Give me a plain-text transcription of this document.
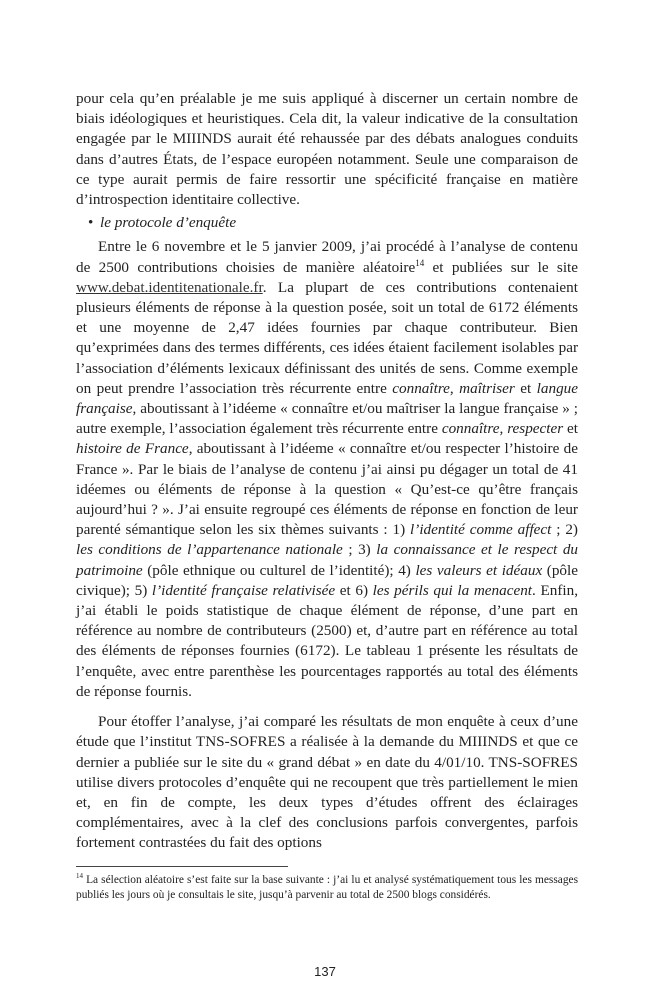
pour cela qu’en préalable je me suis appliqué à discerner un certain nombre de biais idéologiques et heuristiques. Cela dit, la valeur indicative de la consultation engagée par le MIIINDS aurait été rehaussée par des débats analogues conduits dans d’autres États, de l’espace européen notamment. Seule une comparaison de ce type aurait permis de faire ressortir une spécificité française en matière d’introspection identitaire collective.

• le protocole d’enquête

Entre le 6 novembre et le 5 janvier 2009, j’ai procédé à l’analyse de contenu de 2500 contributions choisies de manière aléatoire$^{14}$ et publiées sur le site www.debat.identitenationale.fr. La plupart de ces contributions contenaient plusieurs éléments de réponse à la question posée, soit un total de 6172 éléments et une moyenne de 2,47 idées fournies par chaque contributeur. Bien qu’exprimées dans des termes différents, ces idées étaient facilement isolables par l’association d’éléments lexicaux définissant des unités de sens. Comme exemple on peut prendre l’association très récurrente entre connaître, maîtriser et langue française, aboutissant à l’idéeme « connaître et/ou maîtriser la langue française » ; autre exemple, l’association également très récurrente entre connaître, respecter et histoire de France, aboutissant à l’idéeme « connaître et/ou respecter l’histoire de France ». Par le biais de l’analyse de contenu j’ai ainsi pu dégager un total de 41 idéemes ou éléments de réponse à la question « Qu’est-ce qu’être français aujourd’hui ? ». J’ai ensuite regroupé ces éléments de réponse en fonction de leur parenté sémantique selon les six thèmes suivants : 1) l’identité comme affect ; 2) les conditions de l’appartenance nationale ; 3) la connaissance et le respect du patrimoine (pôle ethnique ou culturel de l’identité); 4) les valeurs et idéaux (pôle civique); 5) l’identité française relativisée et 6) les périls qui la menacent. Enfin, j’ai établi le poids statistique de chaque élément de réponse, d’une part en référence au nombre de contributeurs (2500) et, d’autre part en référence au total des éléments de réponses fournies (6172). Le tableau 1 présente les résultats de l’enquête, avec entre parenthèse les pourcentages rapportés au total des éléments de réponse fournis.

Pour étoffer l’analyse, j’ai comparé les résultats de mon enquête à ceux d’une étude que l’institut TNS-SOFRES a réalisée à la demande du MIIINDS et que ce dernier a publiée sur le site du « grand débat » en date du 4/01/10. TNS-SOFRES utilise divers protocoles d’enquête qui ne recoupent que très partiellement le mien et, en fin de compte, les deux types d’études offrent des éclairages complémentaires, avec à la clef des conclusions parfois convergentes, parfois fortement contrastées du fait des options

$^{14}$ La sélection aléatoire s’est faite sur la base suivante : j’ai lu et analysé systématiquement tous les messages publiés les jours où je consultais le site, jusqu’à parvenir au total de 2500 blogs considérés.

137
